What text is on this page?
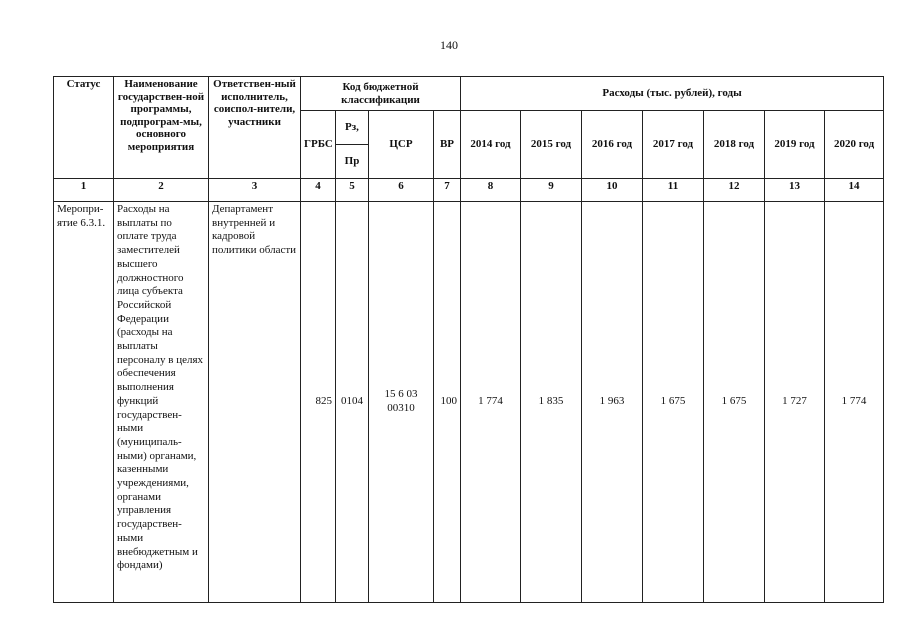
140
Статус	Наименование государствен-ной программы, подпрограм-мы, основного мероприятия	Ответствен-ный исполнитель, соиспол-нители, участники	Код бюджетной классификации				Расходы (тыс. рублей), годы						
			ГРБС	Рз,	ЦСР	ВР	2014 год	2015 год	2016 год	2017 год	2018 год	2019 год	2020 год
				Пр									
1	2	3	4	5	6	7	8	9	10	11	12	13	14
Меропри-ятие 6.3.1.	Расходы на выплаты по оплате труда заместителей высшего должностного лица субъекта Российской Федерации (расходы на выплаты персоналу в целях обеспечения выполнения функций государствен-ными (муниципаль-ными) органами, казенными учреждениями, органами управления государствен-ными внебюджетным и фондами)	Департамент внутренней и кадровой политики области	825	0104	15 6 03 00310	100	1 774	1 835	1 963	1 675	1 675	1 727	1 774
